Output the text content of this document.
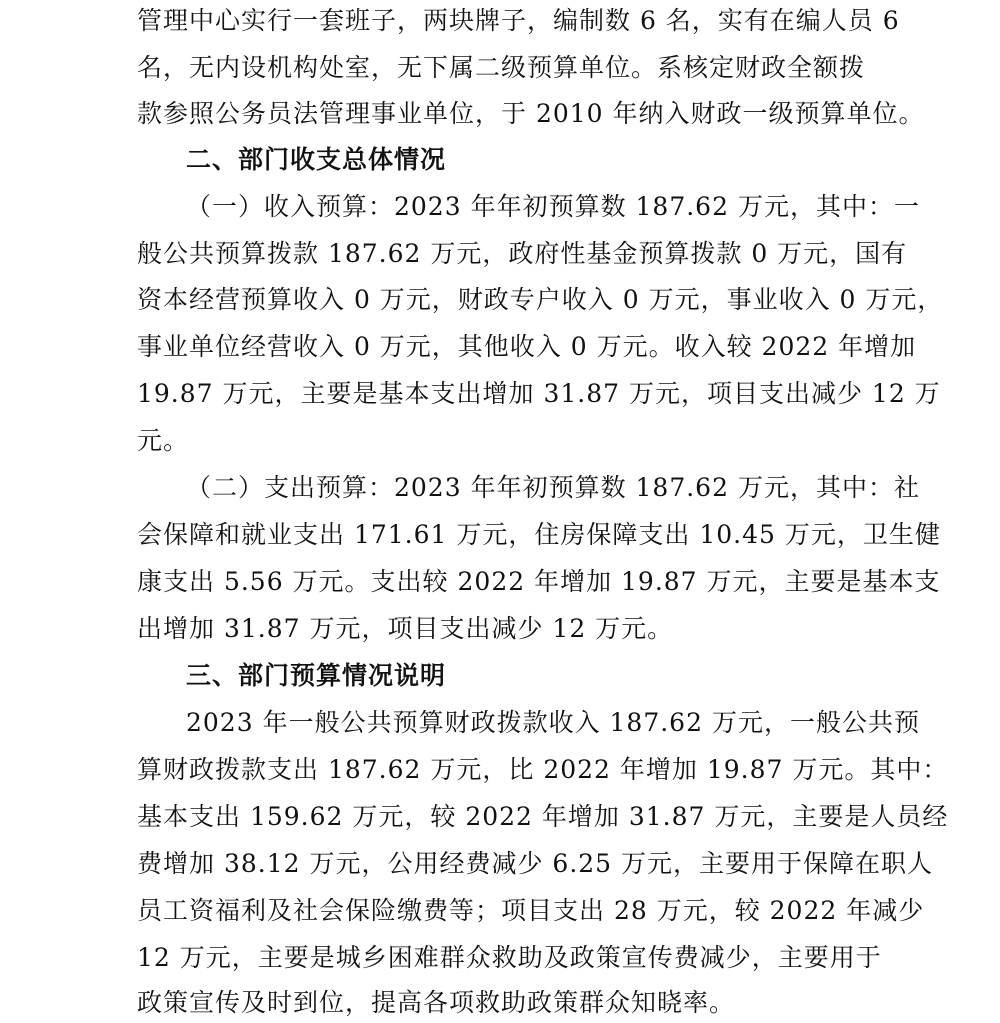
管理中心实行一套班子，两块牌子，编制数 6 名，实有在编人员 6
名，无内设机构处室，无下属二级预算单位。系核定财政全额拨
款参照公务员法管理事业单位，于 2010 年纳入财政一级预算单位。
二、部门收支总体情况
（一）收入预算：2023 年年初预算数 187.62 万元，其中：一
般公共预算拨款 187.62 万元，政府性基金预算拨款 0 万元，国有
资本经营预算收入 0 万元，财政专户收入 0 万元，事业收入 0 万元，
事业单位经营收入 0 万元，其他收入 0 万元。收入较 2022 年增加
19.87 万元，主要是基本支出增加 31.87 万元，项目支出减少 12 万
元。
（二）支出预算：2023 年年初预算数 187.62 万元，其中：社
会保障和就业支出 171.61 万元，住房保障支出 10.45 万元，卫生健
康支出 5.56 万元。支出较 2022 年增加 19.87 万元，主要是基本支
出增加 31.87 万元，项目支出减少 12 万元。
三、部门预算情况说明
2023 年一般公共预算财政拨款收入 187.62 万元，一般公共预
算财政拨款支出 187.62 万元，比 2022 年增加 19.87 万元。其中：
基本支出 159.62 万元，较 2022 年增加 31.87 万元，主要是人员经
费增加 38.12 万元，公用经费减少 6.25 万元，主要用于保障在职人
员工资福利及社会保险缴费等；项目支出 28 万元，较 2022 年减少
12 万元，主要是城乡困难群众救助及政策宣传费减少，主要用于
政策宣传及时到位，提高各项救助政策群众知晓率。
